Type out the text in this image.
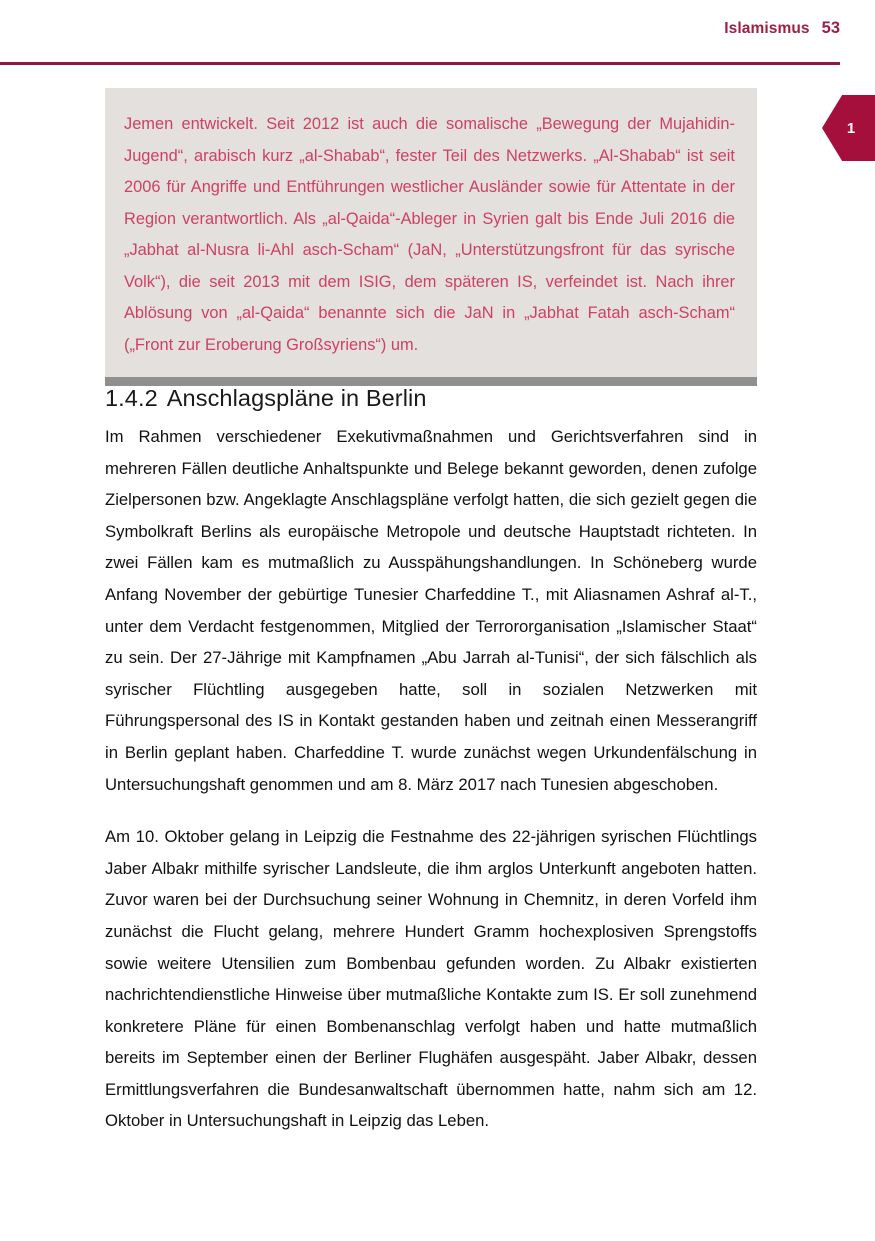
Islamismus 53
1

Jemen entwickelt. Seit 2012 ist auch die somalische „Bewegung der Mujahidin-Jugend“, arabisch kurz „al-Shabab“, fester Teil des Netzwerks. „Al-Shabab“ ist seit 2006 für Angriffe und Entführungen westlicher Ausländer sowie für Attentate in der Region verantwortlich. Als „al-Qaida“-Ableger in Syrien galt bis Ende Juli 2016 die „Jabhat al-Nusra li-Ahl asch-Scham“ (JaN, „Unterstützungsfront für das syrische Volk“), die seit 2013 mit dem ISIG, dem späteren IS, verfeindet ist. Nach ihrer Ablösung von „al-Qaida“ benannte sich die JaN in „Jabhat Fatah asch-Scham“ („Front zur Eroberung Großsyriens“) um.

1.4.2 Anschlagspläne in Berlin

Im Rahmen verschiedener Exekutivmaßnahmen und Gerichtsverfahren sind in mehreren Fällen deutliche Anhaltspunkte und Belege bekannt geworden, denen zufolge Zielpersonen bzw. Angeklagte Anschlagspläne verfolgt hatten, die sich gezielt gegen die Symbolkraft Berlins als europäische Metropole und deutsche Hauptstadt richteten. In zwei Fällen kam es mutmaßlich zu Ausspähungshandlungen. In Schöneberg wurde Anfang November der gebürtige Tunesier Charfeddine T., mit Aliasnamen Ashraf al-T., unter dem Verdacht festgenommen, Mitglied der Terrororganisation „Islamischer Staat“ zu sein. Der 27-Jährige mit Kampfnamen „Abu Jarrah al-Tunisi“, der sich fälschlich als syrischer Flüchtling ausgegeben hatte, soll in sozialen Netzwerken mit Führungspersonal des IS in Kontakt gestanden haben und zeitnah einen Messerangriff in Berlin geplant haben. Charfeddine T. wurde zunächst wegen Urkundenfälschung in Untersuchungshaft genommen und am 8. März 2017 nach Tunesien abgeschoben.

Am 10. Oktober gelang in Leipzig die Festnahme des 22-jährigen syrischen Flüchtlings Jaber Albakr mithilfe syrischer Landsleute, die ihm arglos Unterkunft angeboten hatten. Zuvor waren bei der Durchsuchung seiner Wohnung in Chemnitz, in deren Vorfeld ihm zunächst die Flucht gelang, mehrere Hundert Gramm hochexplosiven Sprengstoffs sowie weitere Utensilien zum Bombenbau gefunden worden. Zu Albakr existierten nachrichtendienstliche Hinweise über mutmaßliche Kontakte zum IS. Er soll zunehmend konkretere Pläne für einen Bombenanschlag verfolgt haben und hatte mutmaßlich bereits im September einen der Berliner Flughäfen ausgespäht. Jaber Albakr, dessen Ermittlungsverfahren die Bundesanwaltschaft übernommen hatte, nahm sich am 12. Oktober in Untersuchungshaft in Leipzig das Leben.
